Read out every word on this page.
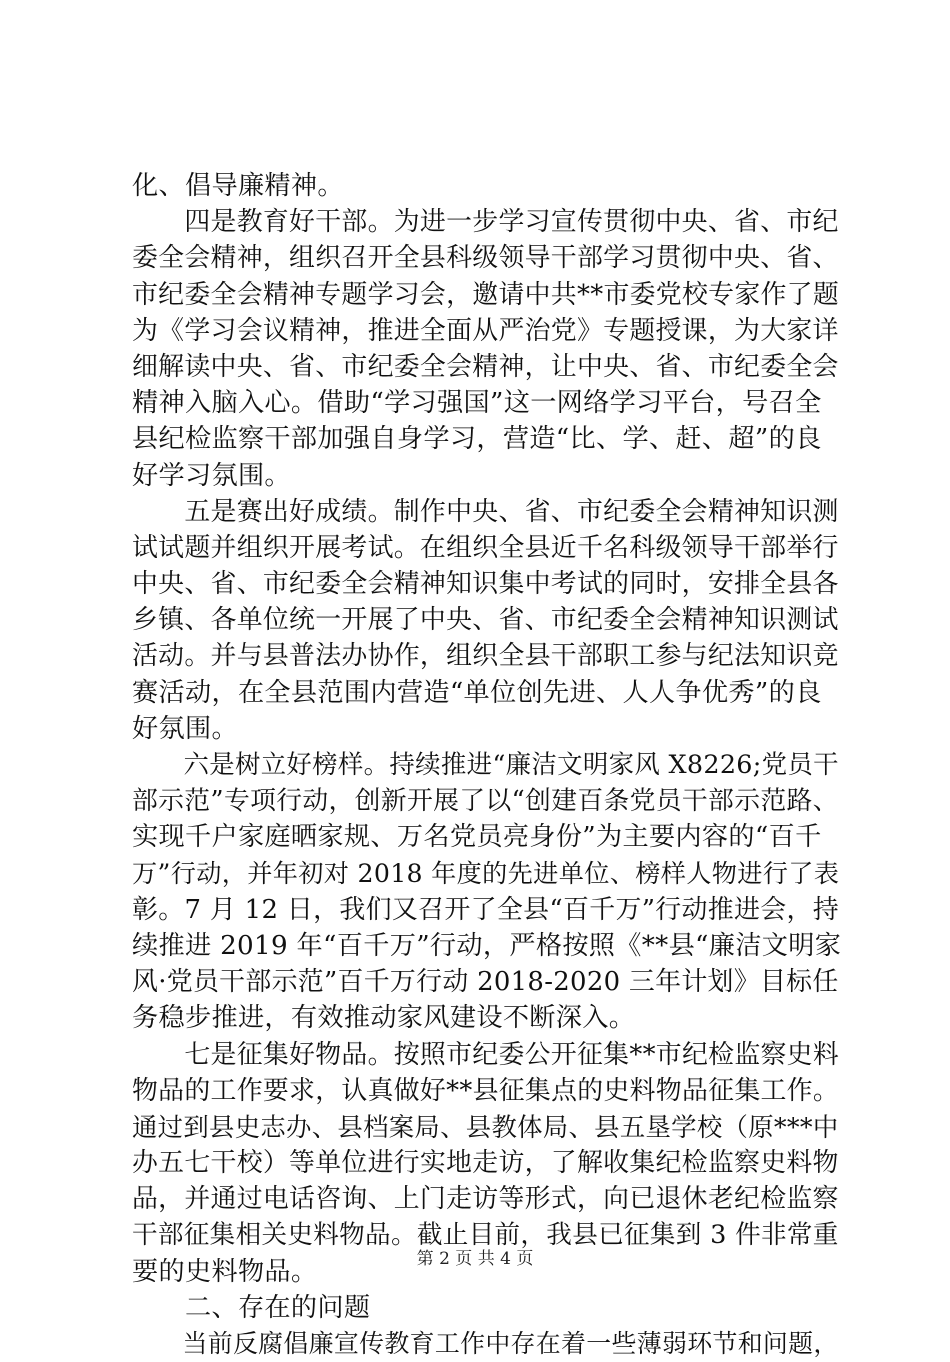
化、倡导廉精神。
　　四是教育好干部。为进一步学习宣传贯彻中央、省、市纪
委全会精神，组织召开全县科级领导干部学习贯彻中央、省、
市纪委全会精神专题学习会，邀请中共**市委党校专家作了题
为《学习会议精神，推进全面从严治党》专题授课，为大家详
细解读中央、省、市纪委全会精神，让中央、省、市纪委全会
精神入脑入心。借助“学习强国”这一网络学习平台，号召全
县纪检监察干部加强自身学习，营造“比、学、赶、超”的良
好学习氛围。
　　五是赛出好成绩。制作中央、省、市纪委全会精神知识测
试试题并组织开展考试。在组织全县近千名科级领导干部举行
中央、省、市纪委全会精神知识集中考试的同时，安排全县各
乡镇、各单位统一开展了中央、省、市纪委全会精神知识测试
活动。并与县普法办协作，组织全县干部职工参与纪法知识竞
赛活动，在全县范围内营造“单位创先进、人人争优秀”的良
好氛围。
　　六是树立好榜样。持续推进“廉洁文明家风 X8226;党员干
部示范”专项行动，创新开展了以“创建百条党员干部示范路、
实现千户家庭晒家规、万名党员亮身份”为主要内容的“百千
万”行动，并年初对 2018 年度的先进单位、榜样人物进行了表
彰。7 月 12 日，我们又召开了全县“百千万”行动推进会，持
续推进 2019 年“百千万”行动，严格按照《**县“廉洁文明家
风·党员干部示范”百千万行动 2018-2020 三年计划》目标任
务稳步推进，有效推动家风建设不断深入。
　　七是征集好物品。按照市纪委公开征集**市纪检监察史料
物品的工作要求，认真做好**县征集点的史料物品征集工作。
通过到县史志办、县档案局、县教体局、县五垦学校（原***中
办五七干校）等单位进行实地走访，了解收集纪检监察史料物
品，并通过电话咨询、上门走访等形式，向已退休老纪检监察
干部征集相关史料物品。截止目前，我县已征集到 3 件非常重
要的史料物品。
　　二、存在的问题
　　当前反腐倡廉宣传教育工作中存在着一些薄弱环节和问题，
第 2 页 共 4 页
